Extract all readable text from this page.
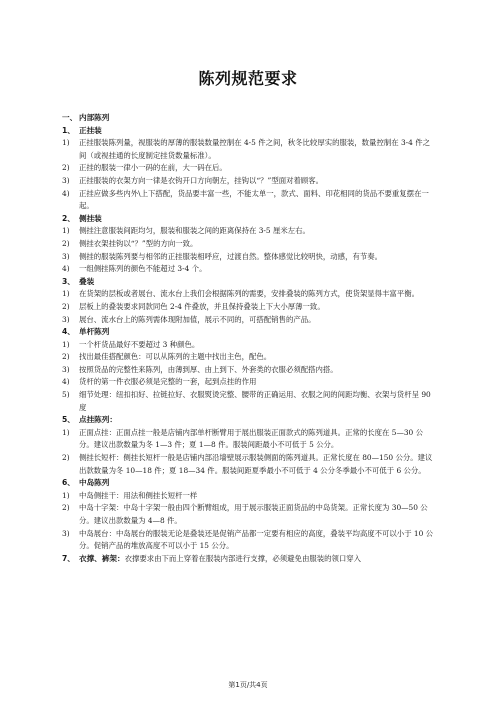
陈列规范要求
一、 内部陈列
1、 正挂装
1)	正挂服装陈列量，视服装的厚薄的服装数量控制在 4-5 件之间，秋冬比较厚实的服装，数量控制在 3-4 件之间（或视挂通的长度制定挂货数量标准）。
2)	正挂的服装一律小一码的在前，大一码在后。
3)	正挂服装的衣架方向一律是衣钩开口方向朝左，挂钩以“？”型面对着顾客。
4)	正挂应做多些内外\上下搭配，货品要丰富一些，不能太单一，款式、面料、印花相同的货品不要重复摆在一起。
2、 侧挂装
1)	侧挂注意服装间距均匀，服装和服装之间的距离保持在 3-5 厘米左右。
2)	侧挂衣架挂钩以“？”型的方向一致。
3)	侧挂的服装陈列要与相邻的正挂服装相呼应，过渡自然。整体感觉比较明快，动感，有节奏。
4)	一组侧挂陈列的颜色不能超过 3-4 个。
3、 叠装
1)	在货架的层板或者展台、流水台上我们会根据陈列的需要，安排叠装的陈列方式，使货架显得丰富平衡。
2)	层板上的叠装要求同款同色 2-4 件叠放，并且保持叠装上下大小厚薄一致。
3)	展台、流水台上的陈列需体现附加值，展示不同的，可搭配销售的产品。
4、 单杆陈列
1)	一个杆货品最好不要超过 3 种颜色。
2)	找出最佳搭配颜色：可以从陈列的主题中找出主色，配色。
3)	按照货品的完整性来陈列，由薄到厚、由上到下、外套类的衣服必须配搭内搭。
4)	货杆的第一件衣服必须是完整的一套，起到点挂的作用
5)	细节处理：纽扣扣好、拉链拉好、衣服熨烫完整、腰带的正确运用、衣服之间的间距均衡、衣架与货杆呈 90 度
5、 点挂陈列：
1)	正面点挂：正面点挂一般是店铺内部单杆断臂用于展出服装正面款式的陈列道具。正常的长度在 5—30 公分。建议出款数量为冬 1—3 件；夏 1—8 件。服装间距最小不可低于 5 公分。
2)	侧挂长短杆：侧挂长短杆一般是店铺内部沿墙壁展示服装侧面的陈列道具。正常长度在 80—150 公分。建议出款数量为冬 10—18 件；夏 18—34 件。服装间距夏季最小不可低于 4 公分冬季最小不可低于 6 公分。
6、 中岛陈列
1)	中岛侧挂干：用法和侧挂长短杆一样
2)	中岛十字架：中岛十字架一般由四个断臂组成，用于展示服装正面货品的中岛货架。正常长度为 30—50 公分。建议出款数量为 4—8 件。
3)	中岛展台：中岛展台的服装无论是叠装还是促销产品都一定要有相应的高度，叠装平均高度不可以小于 10 公分。促销产品的堆放高度不可以小于 15 公分。
7、 衣撑、裤架：衣撑要求由下而上穿着在服装内部进行支撑，必须避免由服装的领口穿入
第1页/共4页
